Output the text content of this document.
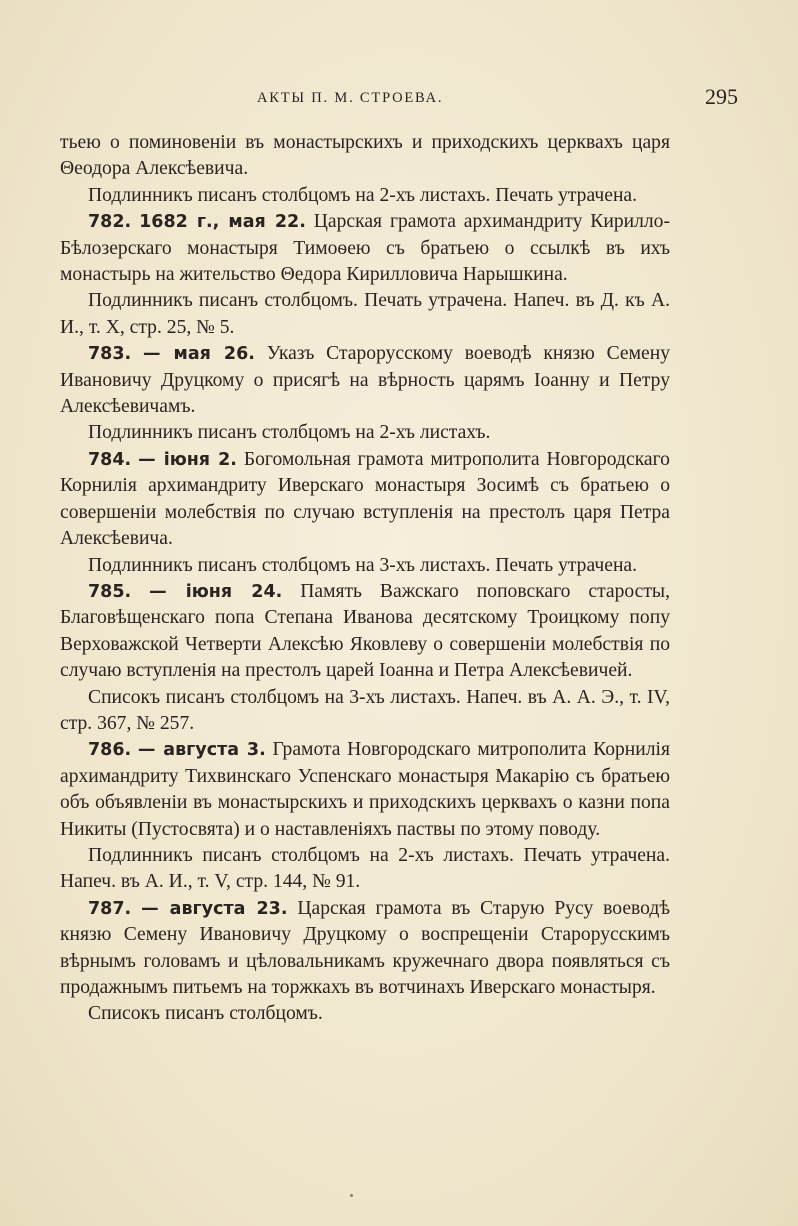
АКТЫ П. М. СТРОЕВА.	295

тьею о поминовеніи въ монастырскихъ и приходскихъ церквахъ царя Θеодора Алексѣевича.

Подлинникъ писанъ столбцомъ на 2-хъ листахъ. Печать утрачена.

782. 1682 г., мая 22. Царская грамота архимандриту Кирилло-Бѣлозерскаго монастыря Тимоѳею съ братьею о ссылкѣ въ ихъ монастырь на жительство Θедора Кирилловича Нарышкина.

Подлинникъ писанъ столбцомъ. Печать утрачена. Напеч. въ Д. къ А. И., т. X, стр. 25, № 5.

783. — мая 26. Указъ Старорусскому воеводѣ князю Семену Ивановичу Друцкому о присягѣ на вѣрность царямъ Іоанну и Петру Алексѣевичамъ.

Подлинникъ писанъ столбцомъ на 2-хъ листахъ.

784. — іюня 2. Богомольная грамота митрополита Новгородскаго Корнилія архимандриту Иверскаго монастыря Зосимѣ съ братьею о совершеніи молебствія по случаю вступленія на престолъ царя Петра Алексѣевича.

Подлинникъ писанъ столбцомъ на 3-хъ листахъ. Печать утрачена.

785. — іюня 24. Память Важскаго поповскаго старосты, Благовѣщенскаго попа Степана Иванова десятскому Троицкому попу Верховажской Четверти Алексѣю Яковлеву о совершеніи молебствія по случаю вступленія на престолъ царей Іоанна и Петра Алексѣевичей.

Списокъ писанъ столбцомъ на 3-хъ листахъ. Напеч. въ А. А. Э., т. IV, стр. 367, № 257.

786. — августа 3. Грамота Новгородскаго митрополита Корнилія архимандриту Тихвинскаго Успенскаго монастыря Макарію съ братьею объ объявленіи въ монастырскихъ и приходскихъ церквахъ о казни попа Никиты (Пустосвята) и о наставленіяхъ паствы по этому поводу.

Подлинникъ писанъ столбцомъ на 2-хъ листахъ. Печать утрачена. Напеч. въ А. И., т. V, стр. 144, № 91.

787. — августа 23. Царская грамота въ Старую Русу воеводѣ князю Семену Ивановичу Друцкому о воспрещеніи Старорусскимъ вѣрнымъ головамъ и цѣловальникамъ кружечнаго двора появляться съ продажнымъ питьемъ на торжкахъ въ вотчинахъ Иверскаго монастыря.

Списокъ писанъ столбцомъ.
